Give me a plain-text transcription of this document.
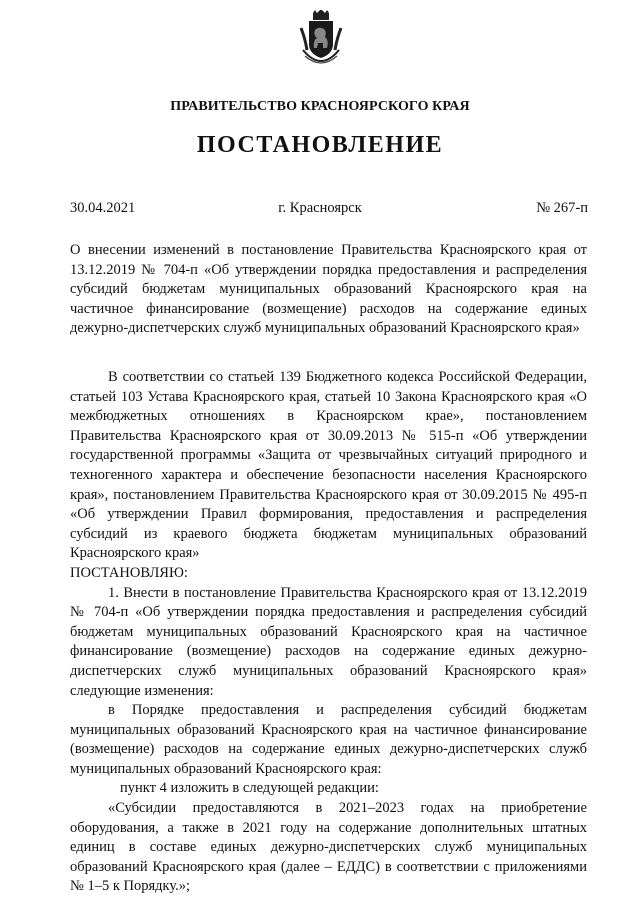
ПРАВИТЕЛЬСТВО КРАСНОЯРСКОГО КРАЯ
ПОСТАНОВЛЕНИЕ
30.04.2021	г. Красноярск	№ 267-п

О внесении изменений в постановление Правительства Красноярского края от 13.12.2019 № 704-п «Об утверждении порядка предоставления и распределения субсидий бюджетам муниципальных образований Красноярского края на частичное финансирование (возмещение) расходов на содержание единых дежурно-диспетчерских служб муниципальных образований Красноярского края»

В соответствии со статьей 139 Бюджетного кодекса Российской Федерации, статьей 103 Устава Красноярского края, статьей 10 Закона Красноярского края «О межбюджетных отношениях в Красноярском крае», постановлением Правительства Красноярского края от 30.09.2013 № 515-п «Об утверждении государственной программы «Защита от чрезвычайных ситуаций природного и техногенного характера и обеспечение безопасности населения Красноярского края», постановлением Правительства Красноярского края от 30.09.2015 № 495-п «Об утверждении Правил формирования, предоставления и распределения субсидий из краевого бюджета бюджетам муниципальных образований Красноярского края»

ПОСТАНОВЛЯЮ:

1. Внести в постановление Правительства Красноярского края от 13.12.2019 № 704-п «Об утверждении порядка предоставления и распределения субсидий бюджетам муниципальных образований Красноярского края на частичное финансирование (возмещение) расходов на содержание единых дежурно-диспетчерских служб муниципальных образований Красноярского края» следующие изменения:

в Порядке предоставления и распределения субсидий бюджетам муниципальных образований Красноярского края на частичное финансирование (возмещение) расходов на содержание единых дежурно-диспетчерских служб муниципальных образований Красноярского края:

пункт 4 изложить в следующей редакции:

«Субсидии предоставляются в 2021–2023 годах на приобретение оборудования, а также в 2021 году на содержание дополнительных штатных единиц в составе единых дежурно-диспетчерских служб муниципальных образований Красноярского края (далее – ЕДДС) в соответствии с приложениями № 1–5 к Порядку.»;
